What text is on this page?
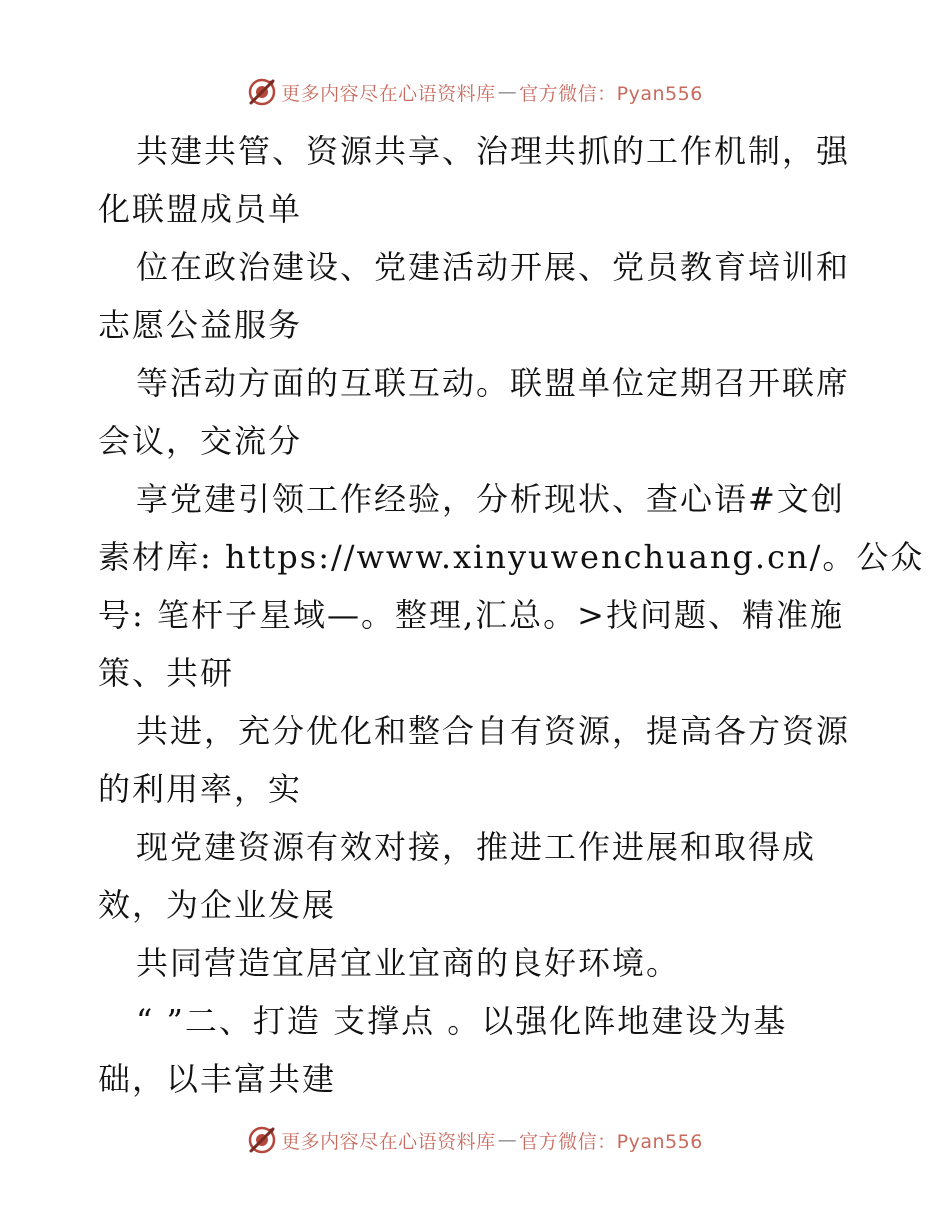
更多内容尽在心语资料库 — 官方微信：Pyan556
共建共管、资源共享、治理共抓的工作机制，强
化联盟成员单
位在政治建设、党建活动开展、党员教育培训和
志愿公益服务
等活动方面的互联互动。联盟单位定期召开联席
会议，交流分
享党建引领工作经验，分析现状、查心语#文创
素材库: https://www.xinyuwenchuang.cn/。公众
号: 笔杆子星域—。整理,汇总。>找问题、精准施
策、共研
共进，充分优化和整合自有资源，提高各方资源
的利用率，实
现党建资源有效对接，推进工作进展和取得成
效，为企业发展
共同营造宜居宜业宜商的良好环境。
“ ”二、打造 支撑点 。以强化阵地建设为基
础，以丰富共建
更多内容尽在心语资料库 — 官方微信：Pyan556
